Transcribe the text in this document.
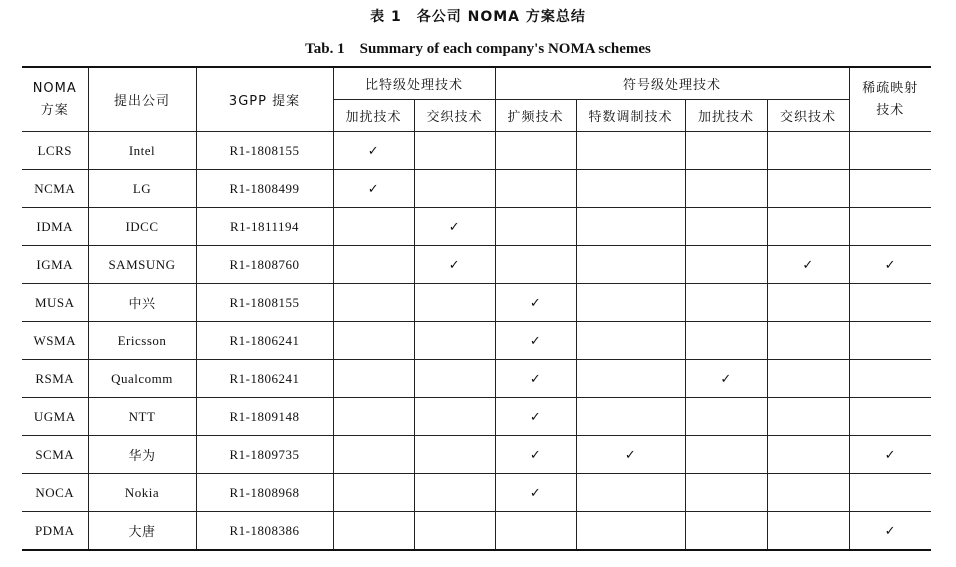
表 1　各公司 NOMA 方案总结
Tab. 1　Summary of each company's NOMA schemes
NOMA
方案	提出公司	3GPP 提案	比特级处理技术		符号级处理技术				稀疏映射
技术

			加扰技术	交织技术	扩频技术	特数调制技术	加扰技术	交织技术	
LCRS	Intel	R1-1808155	✓						
NCMA	LG	R1-1808499	✓						
IDMA	IDCC	R1-1811194		✓					
IGMA	SAMSUNG	R1-1808760		✓				✓	✓
MUSA	中兴	R1-1808155			✓				
WSMA	Ericsson	R1-1806241			✓				
RSMA	Qualcomm	R1-1806241			✓		✓		
UGMA	NTT	R1-1809148			✓				
SCMA	华为	R1-1809735			✓	✓			✓
NOCA	Nokia	R1-1808968			✓				
PDMA	大唐	R1-1808386							✓
